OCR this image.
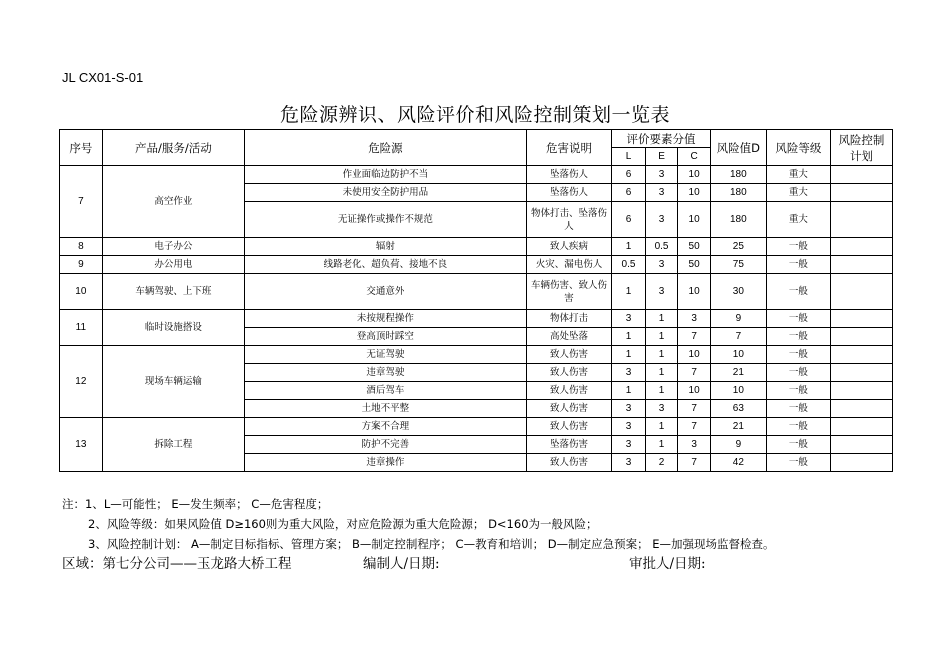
JL CX01-S-01
危险源辨识、风险评价和风险控制策划一览表
序号	产品/服务/活动	危险源	危害说明	评价要素分值			风险值D	风险等级	风险控制计划
				L	E	C			
7	高空作业	作业面临边防护不当	坠落伤人	6	3	10	180	重大	
		未使用安全防护用品	坠落伤人	6	3	10	180	重大	
		无证操作或操作不规范	物体打击、坠落伤人	6	3	10	180	重大	
8	电子办公	辐射	致人疾病	1	0.5	50	25	一般	
9	办公用电	线路老化、超负荷、接地不良	火灾、漏电伤人	0.5	3	50	75	一般	
10	车辆驾驶、上下班	交通意外	车辆伤害、致人伤害	1	3	10	30	一般	
11	临时设施搭设	未按规程操作	物体打击	3	1	3	9	一般	
		登高顶时踩空	高处坠落	1	1	7	7	一般	
12	现场车辆运输	无证驾驶	致人伤害	1	1	10	10	一般	
		违章驾驶	致人伤害	3	1	7	21	一般	
		酒后驾车	致人伤害	1	1	10	10	一般	
		土地不平整	致人伤害	3	3	7	63	一般	
13	拆除工程	方案不合理	致人伤害	3	1	7	21	一般	
		防护不完善	坠落伤害	3	1	3	9	一般	
		违章操作	致人伤害	3	2	7	42	一般	
注：1、L—可能性； E—发生频率； C—危害程度；
2、风险等级：如果风险值 D≥160则为重大风险，对应危险源为重大危险源； D<160为一般风险；
3、风险控制计划： A—制定目标指标、管理方案； B—制定控制程序； C—教育和培训； D—制定应急预案； E—加强现场监督检查。
区域：第七分公司——玉龙路大桥工程	编制人/日期:	审批人/日期:
